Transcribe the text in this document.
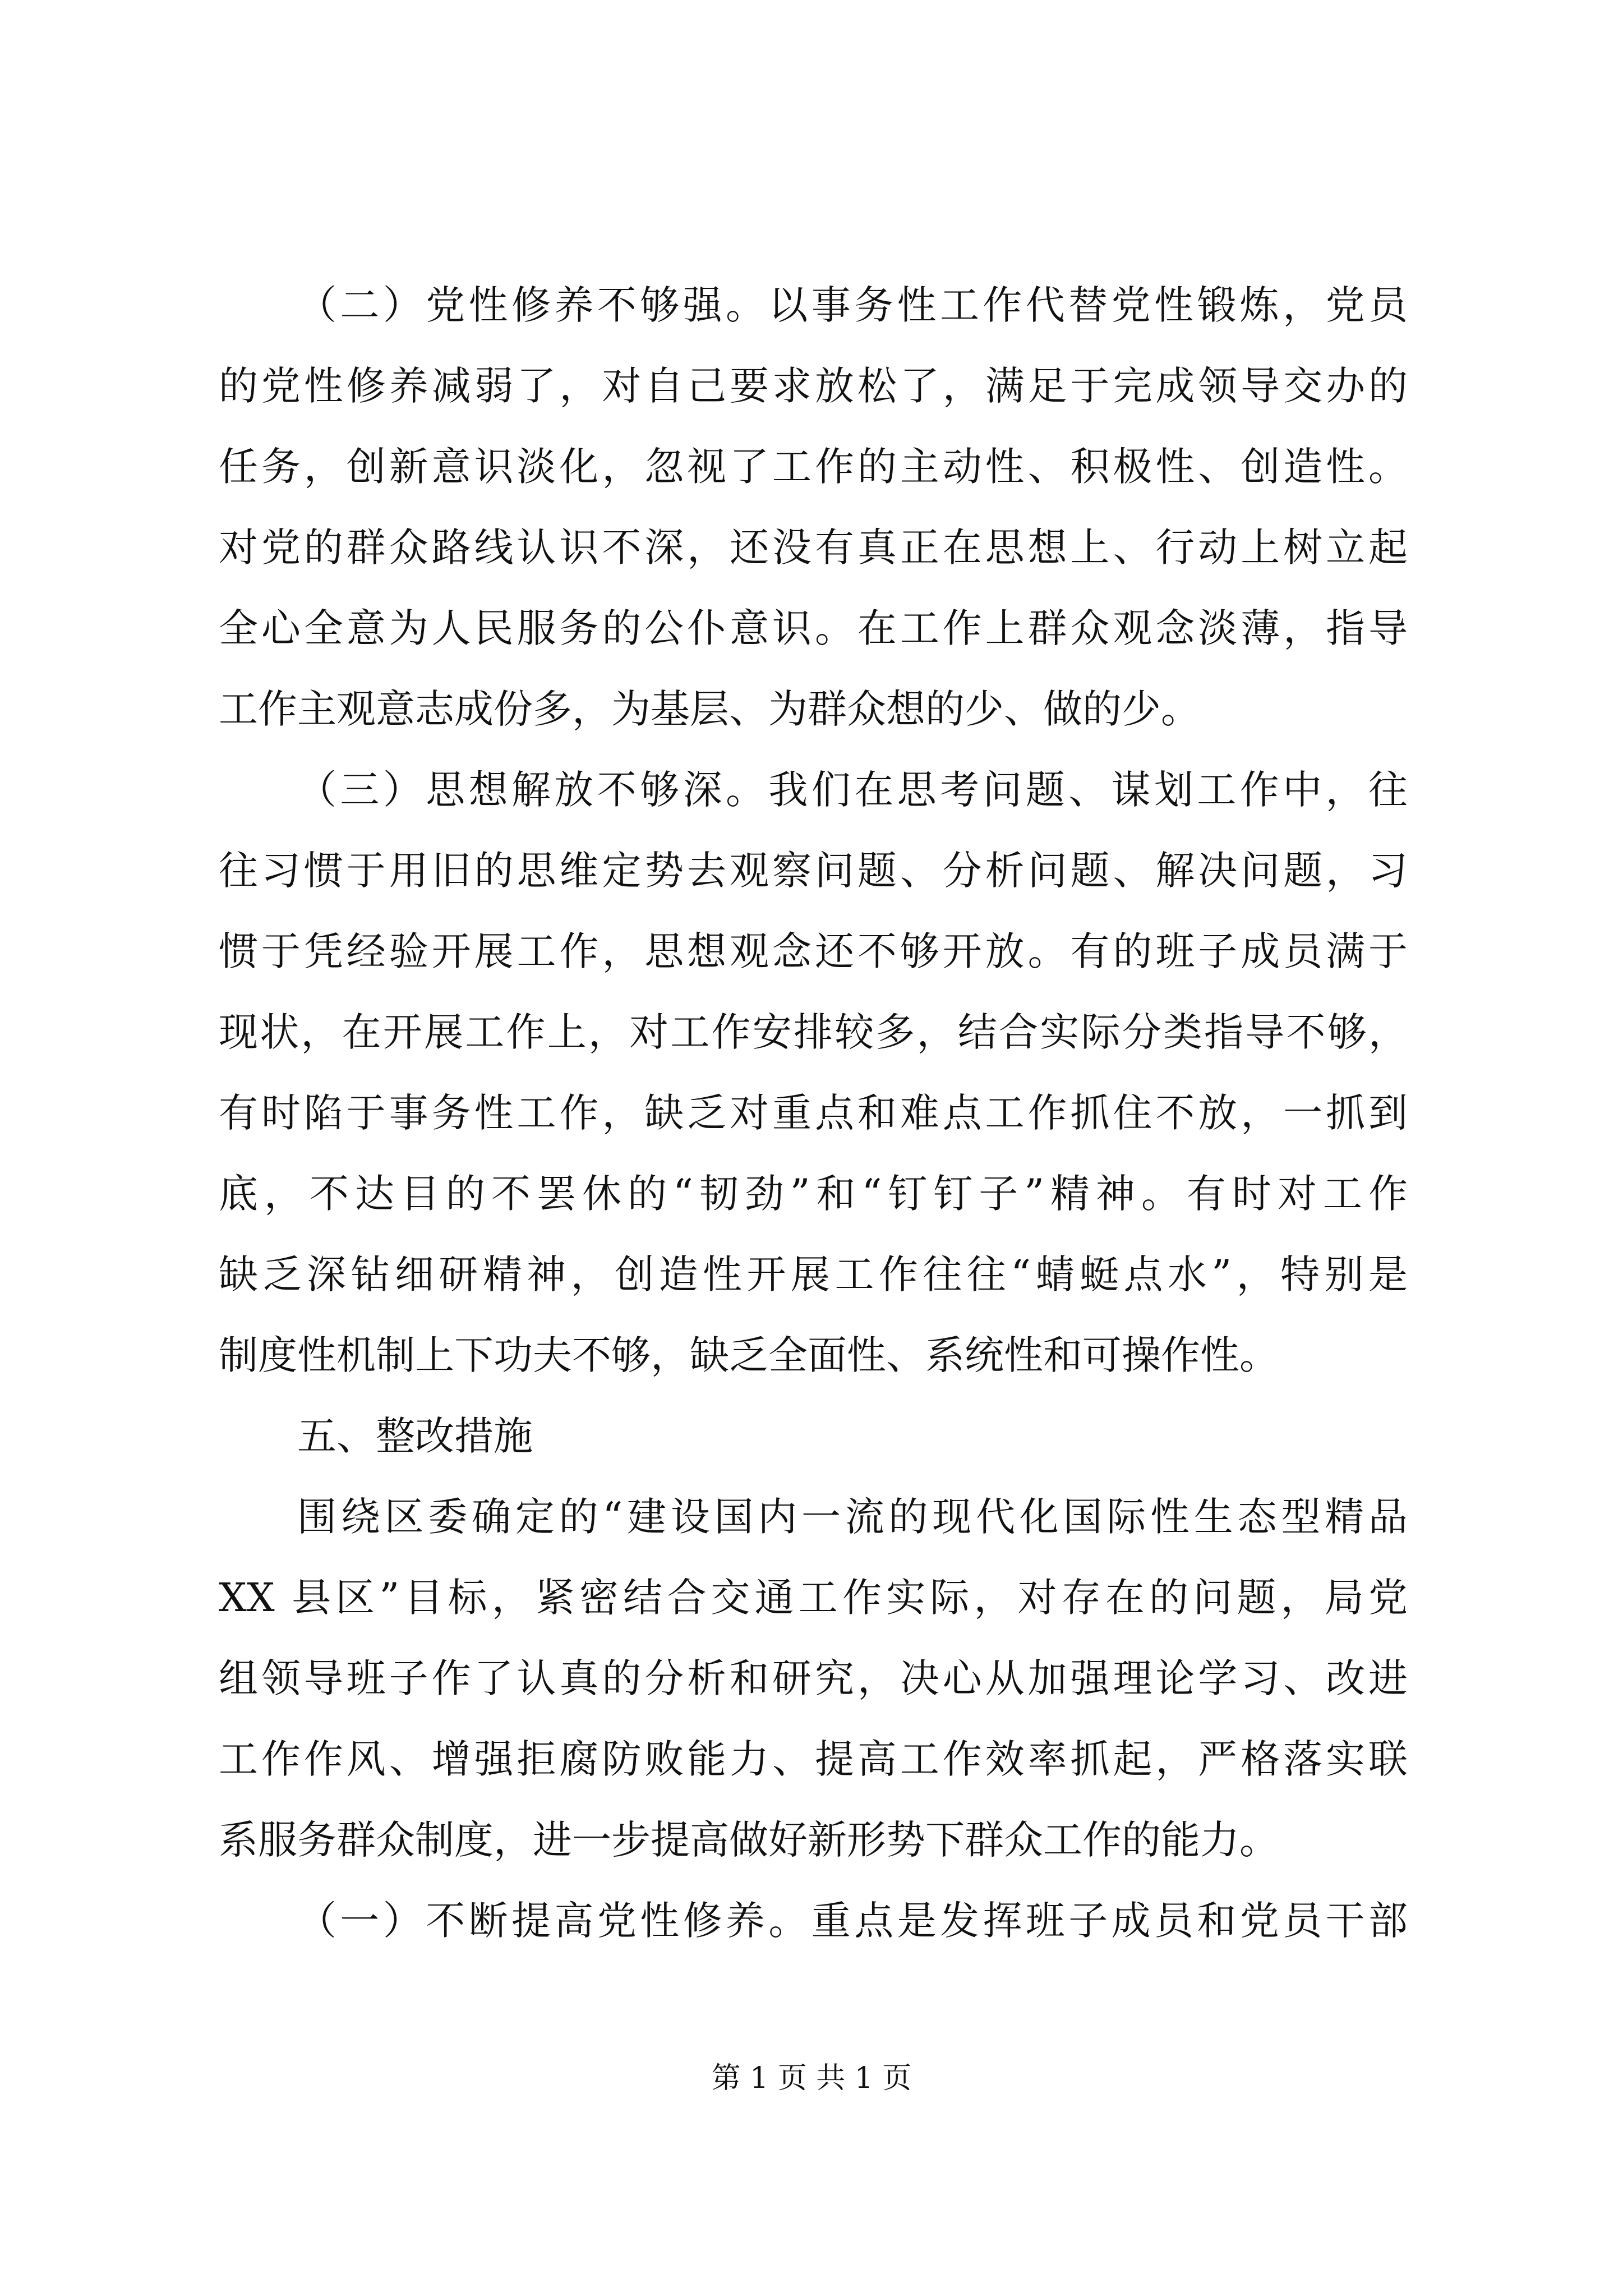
（二）党性修养不够强。以事务性工作代替党性锻炼，党员
的党性修养减弱了，对自己要求放松了，满足于完成领导交办的
任务，创新意识淡化，忽视了工作的主动性、积极性、创造性。
对党的群众路线认识不深，还没有真正在思想上、行动上树立起
全心全意为人民服务的公仆意识。在工作上群众观念淡薄，指导
工作主观意志成份多，为基层、为群众想的少、做的少。
（三）思想解放不够深。我们在思考问题、谋划工作中，往
往习惯于用旧的思维定势去观察问题、分析问题、解决问题，习
惯于凭经验开展工作，思想观念还不够开放。有的班子成员满于
现状，在开展工作上，对工作安排较多，结合实际分类指导不够，
有时陷于事务性工作，缺乏对重点和难点工作抓住不放，一抓到
底，不达目的不罢休的“韧劲”和“钉钉子”精神。有时对工作
缺乏深钻细研精神，创造性开展工作往往“蜻蜓点水”，特别是
制度性机制上下功夫不够，缺乏全面性、系统性和可操作性。
五、整改措施
围绕区委确定的“建设国内一流的现代化国际性生态型精品
XX 县区”目标，紧密结合交通工作实际，对存在的问题，局党
组领导班子作了认真的分析和研究，决心从加强理论学习、改进
工作作风、增强拒腐防败能力、提高工作效率抓起，严格落实联
系服务群众制度，进一步提高做好新形势下群众工作的能力。
（一）不断提高党性修养。重点是发挥班子成员和党员干部
第 1 页 共 1 页
